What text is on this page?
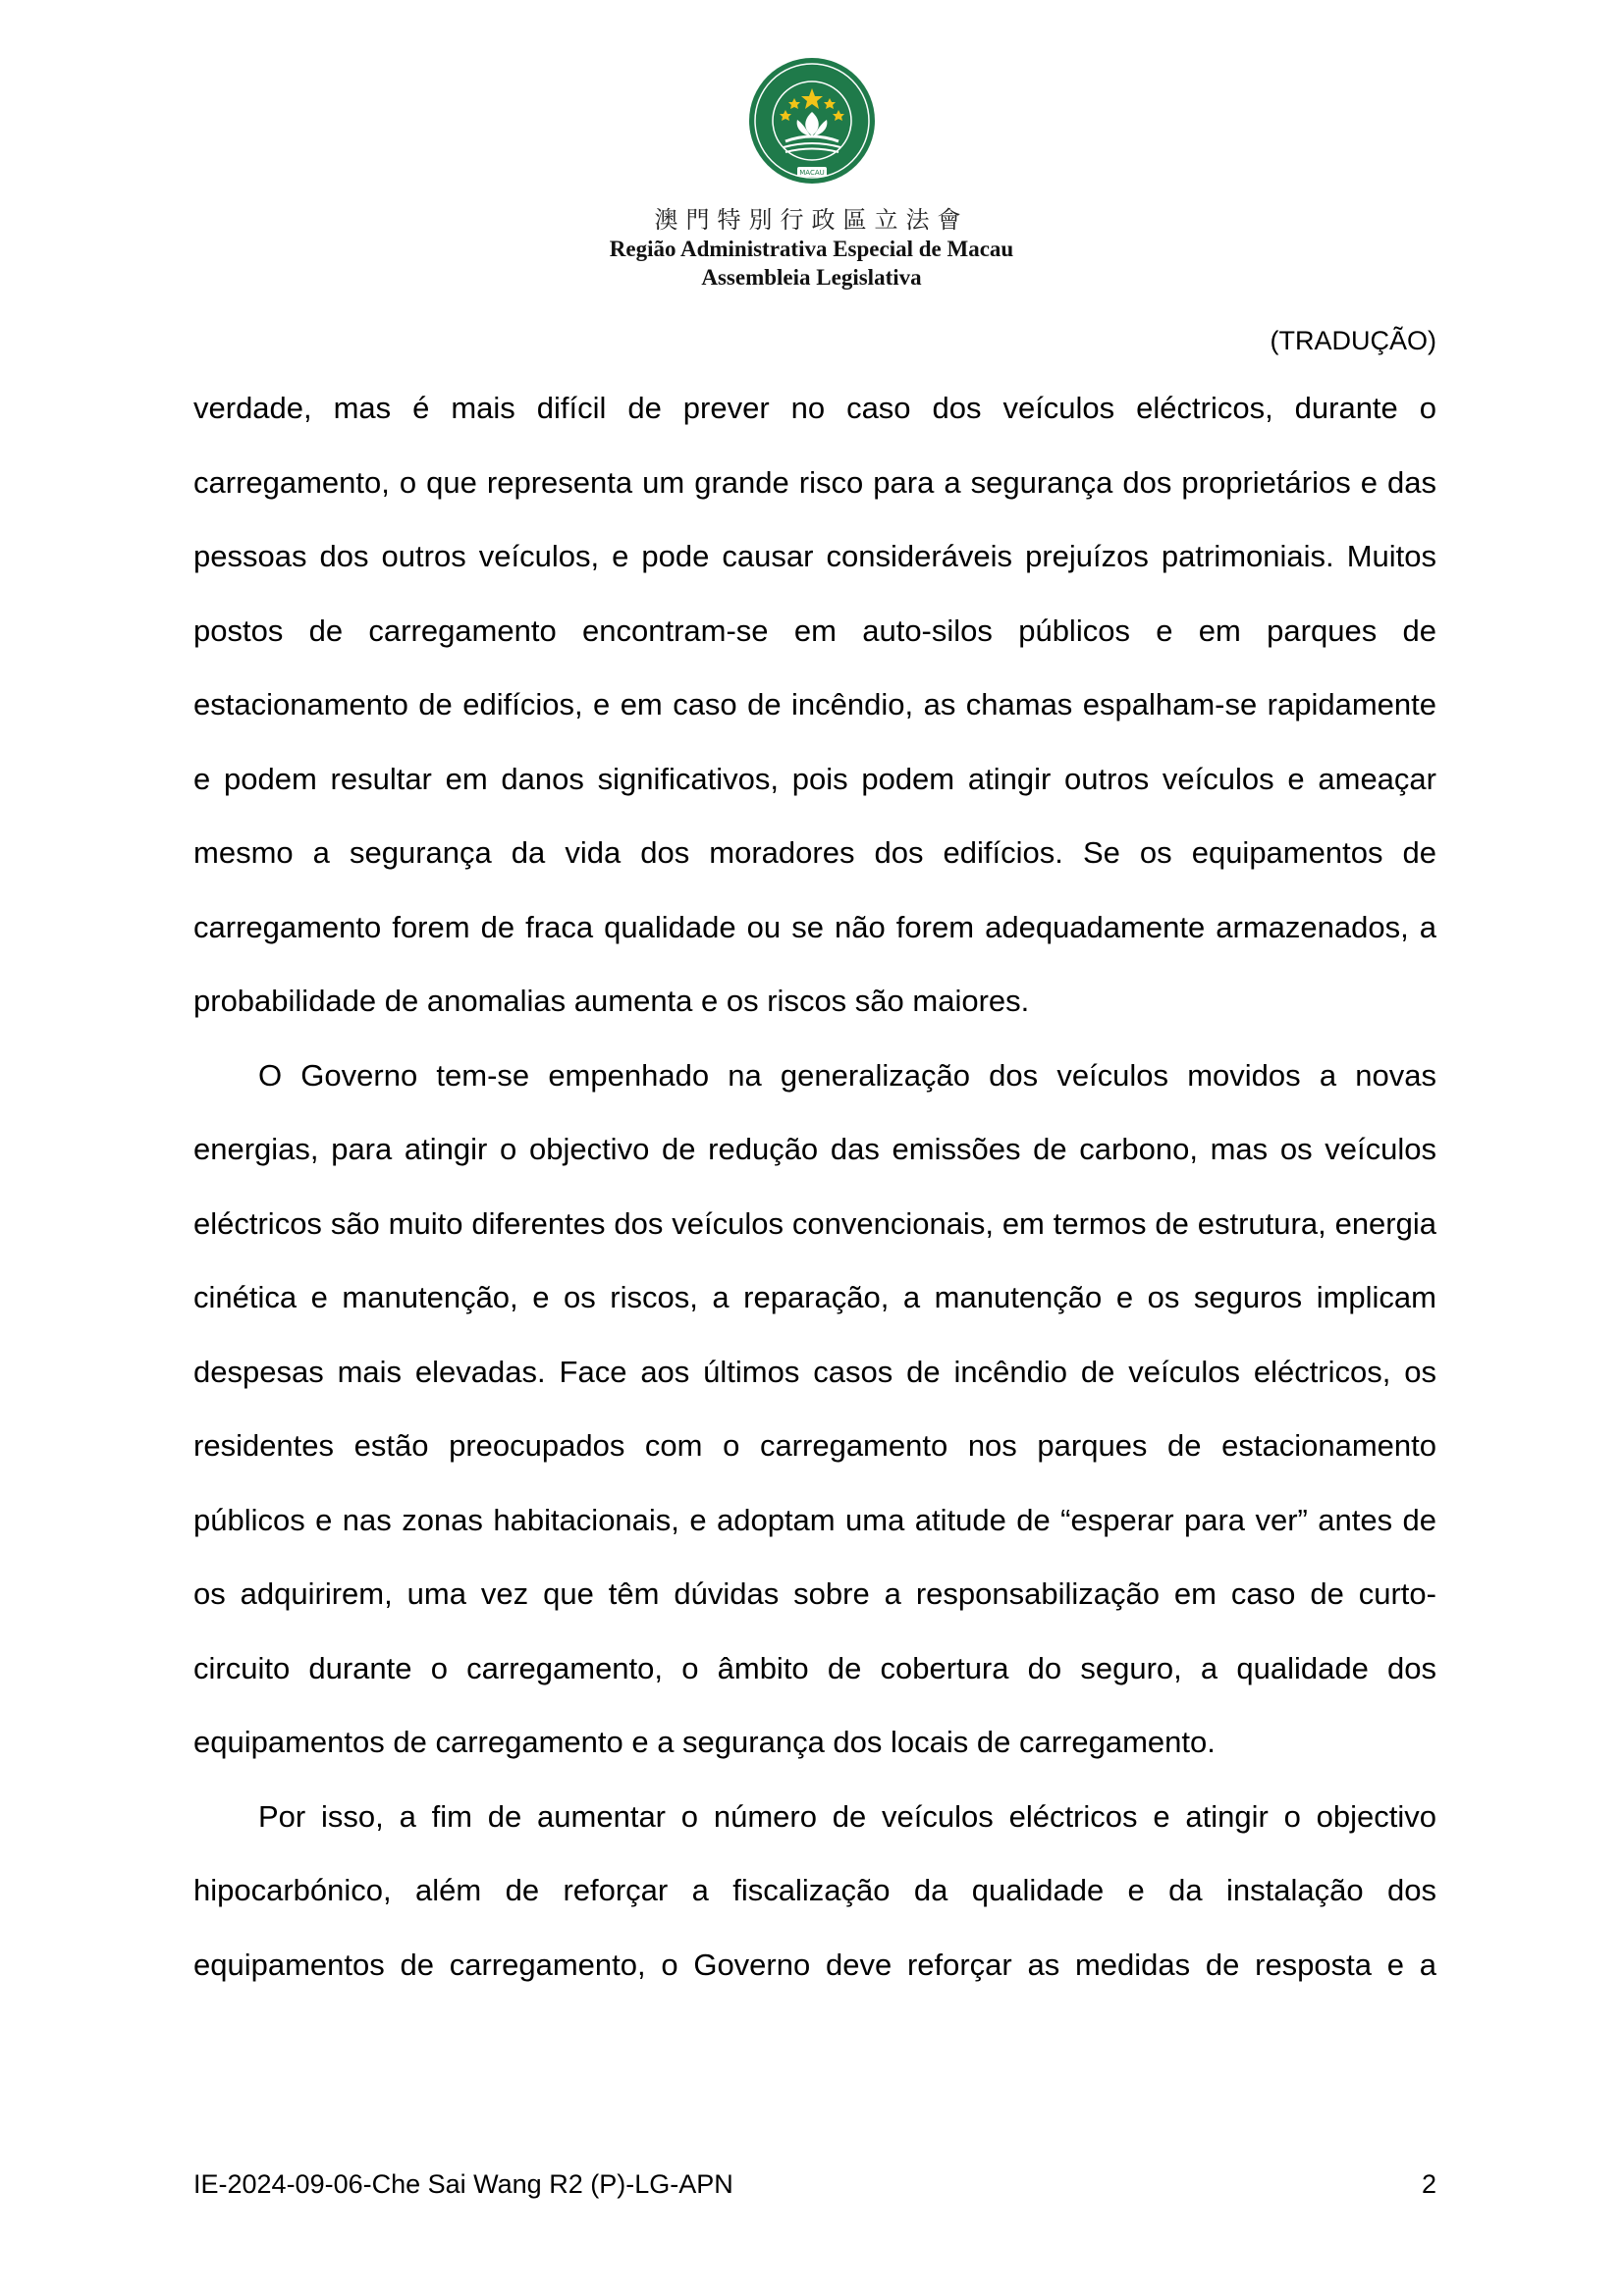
MACAU
澳門特別行政區立法會
Região Administrativa Especial de Macau
Assembleia Legislativa
(TRADUÇÃO)

verdade, mas é mais difícil de prever no caso dos veículos eléctricos, durante o carregamento, o que representa um grande risco para a segurança dos proprietários e das pessoas dos outros veículos, e pode causar consideráveis prejuízos patrimoniais. Muitos postos de carregamento encontram-se em auto-silos públicos e em parques de estacionamento de edifícios, e em caso de incêndio, as chamas espalham-se rapidamente e podem resultar em danos significativos, pois podem atingir outros veículos e ameaçar mesmo a segurança da vida dos moradores dos edifícios. Se os equipamentos de carregamento forem de fraca qualidade ou se não forem adequadamente armazenados, a probabilidade de anomalias aumenta e os riscos são maiores.

O Governo tem-se empenhado na generalização dos veículos movidos a novas energias, para atingir o objectivo de redução das emissões de carbono, mas os veículos eléctricos são muito diferentes dos veículos convencionais, em termos de estrutura, energia cinética e manutenção, e os riscos, a reparação, a manutenção e os seguros implicam despesas mais elevadas. Face aos últimos casos de incêndio de veículos eléctricos, os residentes estão preocupados com o carregamento nos parques de estacionamento públicos e nas zonas habitacionais, e adoptam uma atitude de “esperar para ver” antes de os adquirirem, uma vez que têm dúvidas sobre a responsabilização em caso de curto-circuito durante o carregamento, o âmbito de cobertura do seguro, a qualidade dos equipamentos de carregamento e a segurança dos locais de carregamento.

Por isso, a fim de aumentar o número de veículos eléctricos e atingir o objectivo hipocarbónico, além de reforçar a fiscalização da qualidade e da instalação dos equipamentos de carregamento, o Governo deve reforçar as medidas de resposta e a

IE-2024-09-06-Che Sai Wang R2 (P)-LG-APN	2
